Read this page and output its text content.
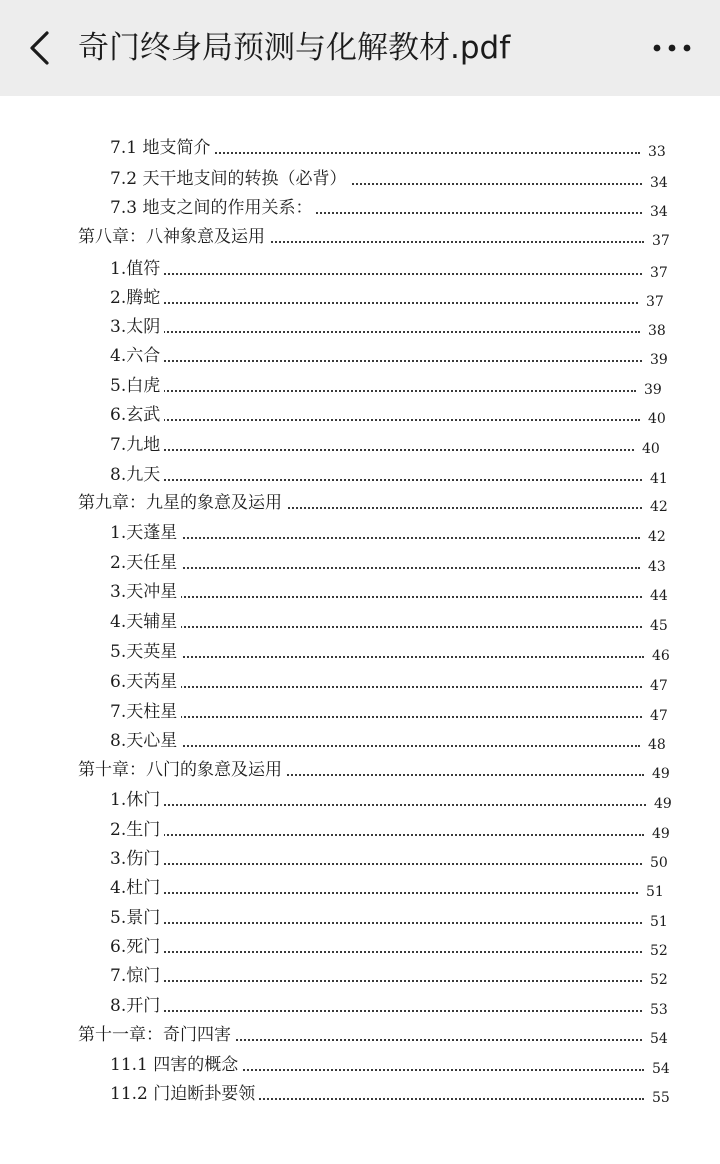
奇门终身局预测与化解教材.pdf
7.1 地支简介	33
7.2 天干地支间的转换（必背）	34
7.3 地支之间的作用关系：	34
第八章：八神象意及运用	37
1.值符	37
2.腾蛇	37
3.太阴	38
4.六合	39
5.白虎	39
6.玄武	40
7.九地	40
8.九天	41
第九章：九星的象意及运用	42
1.天蓬星	42
2.天任星	43
3.天冲星	44
4.天辅星	45
5.天英星	46
6.天芮星	47
7.天柱星	47
8.天心星	48
第十章：八门的象意及运用	49
1.休门	49
2.生门	49
3.伤门	50
4.杜门	51
5.景门	51
6.死门	52
7.惊门	52
8.开门	53
第十一章：奇门四害	54
11.1 四害的概念	54
11.2 门迫断卦要领	55
